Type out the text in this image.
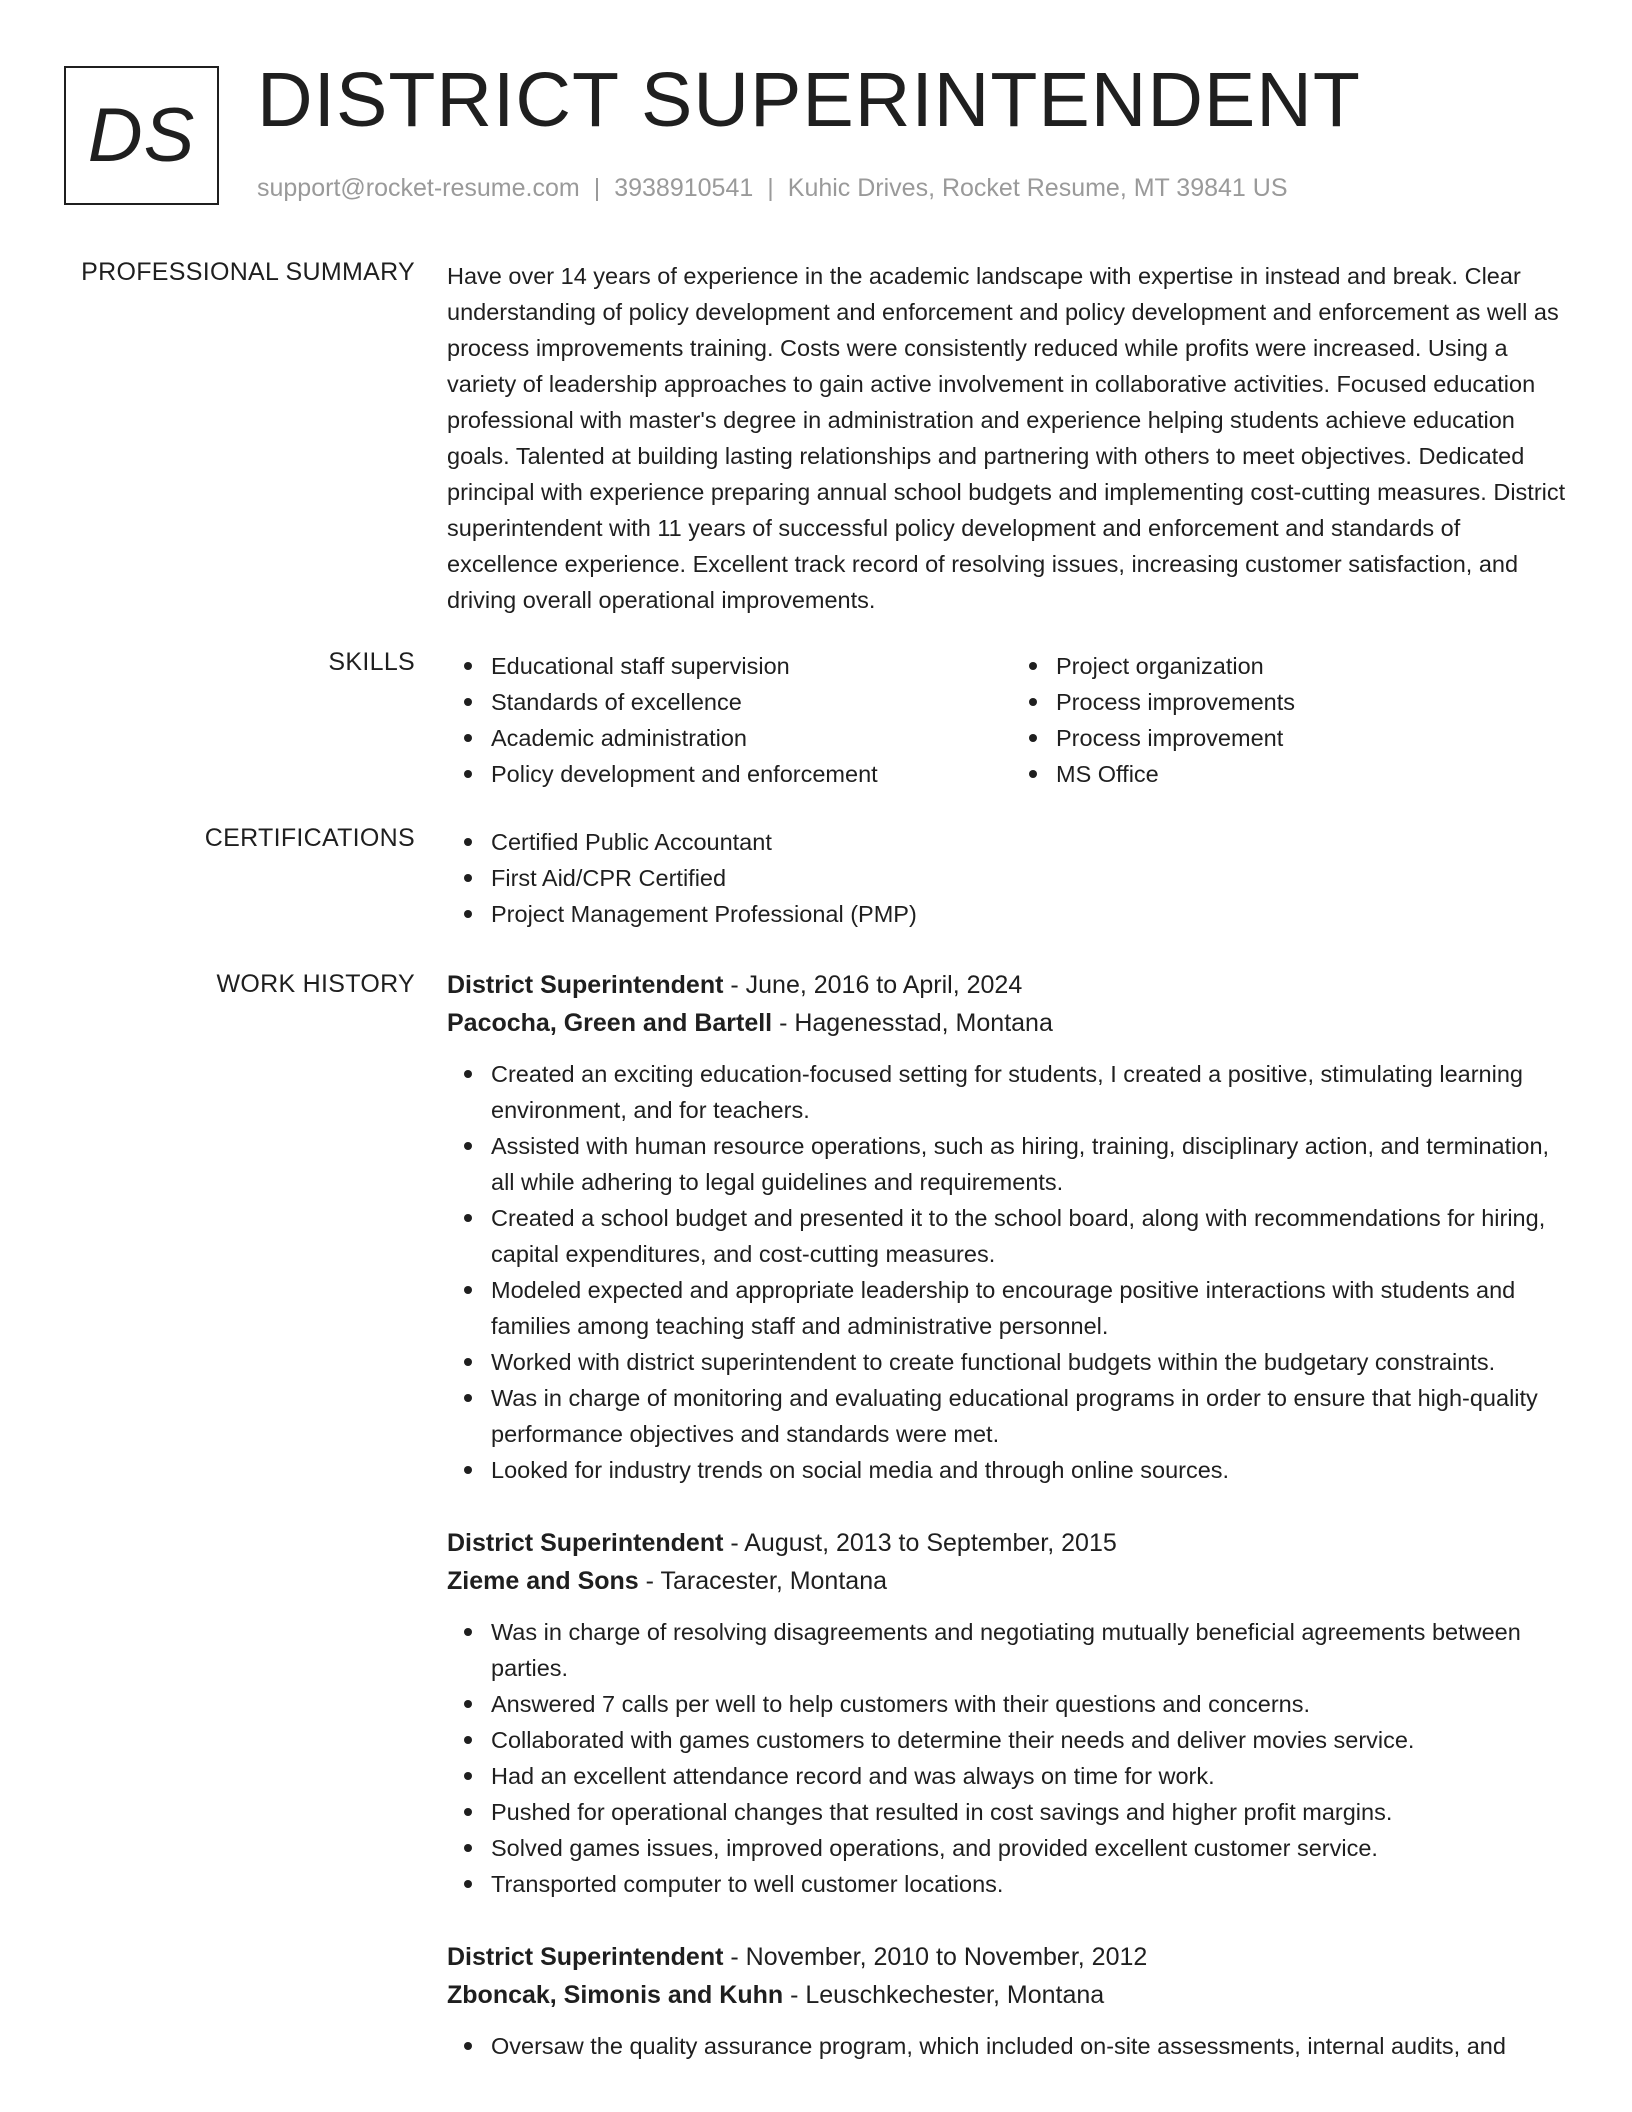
DS DISTRICT SUPERINTENDENT
support@rocket-resume.com | 3938910541 | Kuhic Drives, Rocket Resume, MT 39841 US
PROFESSIONAL SUMMARY Have over 14 years of experience in the academic landscape with expertise in instead and break. Clear understanding of policy development and enforcement and policy development and enforcement as well as process improvements training. Costs were consistently reduced while profits were increased. Using a variety of leadership approaches to gain active involvement in collaborative activities. Focused education professional with master's degree in administration and experience helping students achieve education goals. Talented at building lasting relationships and partnering with others to meet objectives. Dedicated principal with experience preparing annual school budgets and implementing cost-cutting measures. District superintendent with 11 years of successful policy development and enforcement and standards of excellence experience. Excellent track record of resolving issues, increasing customer satisfaction, and driving overall operational improvements.

SKILLS	Educational staff supervision
Standards of excellence
Academic administration
Policy development and enforcement
Project organization
Process improvements
Process improvement
MS Office
CERTIFICATIONS	Certified Public Accountant
First Aid/CPR Certified
Project Management Professional (PMP)
WORK HISTORY District Superintendent - June, 2016 to April, 2024
Pacocha, Green and Bartell - Hagenesstad, Montana
Created an exciting education-focused setting for students, I created a positive, stimulating learning environment, and for teachers.
Assisted with human resource operations, such as hiring, training, disciplinary action, and termination, all while adhering to legal guidelines and requirements.
Created a school budget and presented it to the school board, along with recommendations for hiring, capital expenditures, and cost-cutting measures.
Modeled expected and appropriate leadership to encourage positive interactions with students and families among teaching staff and administrative personnel.
Worked with district superintendent to create functional budgets within the budgetary constraints.
Was in charge of monitoring and evaluating educational programs in order to ensure that high-quality performance objectives and standards were met.
Looked for industry trends on social media and through online sources.
District Superintendent - August, 2013 to September, 2015
Zieme and Sons - Taracester, Montana
Was in charge of resolving disagreements and negotiating mutually beneficial agreements between parties.
Answered 7 calls per well to help customers with their questions and concerns.
Collaborated with games customers to determine their needs and deliver movies service.
Had an excellent attendance record and was always on time for work.
Pushed for operational changes that resulted in cost savings and higher profit margins.
Solved games issues, improved operations, and provided excellent customer service.
Transported computer to well customer locations.
District Superintendent - November, 2010 to November, 2012
Zboncak, Simonis and Kuhn - Leuschkechester, Montana
Oversaw the quality assurance program, which included on-site assessments, internal audits, and
